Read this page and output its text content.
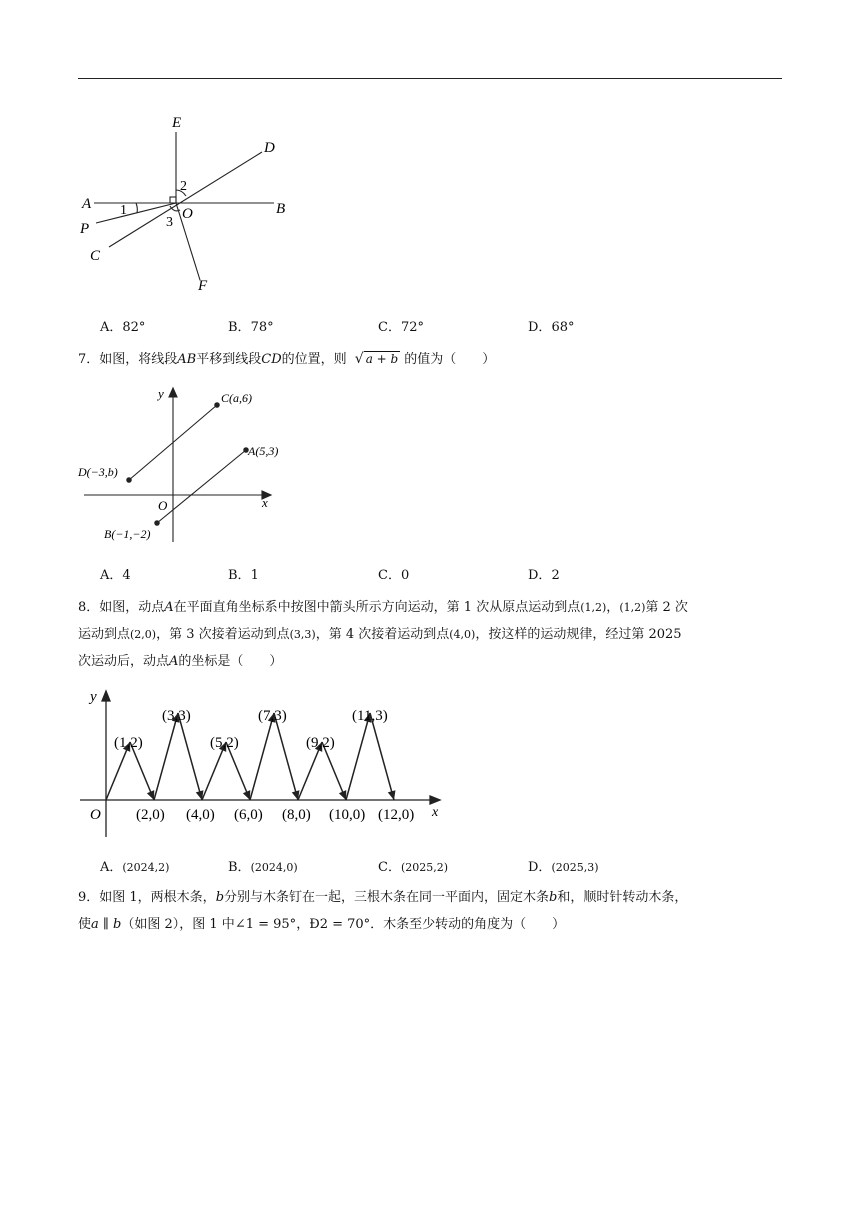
E
D
A	B
P
C
F
O
1
2
3
A．82°	B．78°	C．72°	D．68°
7．如图，将线段AB平移到线段CD的位置，则 √ a + b 的值为（　　）
y
x
O
C(a,6)
A(5,3)
D(−3,b)
B(−1,−2)
A．4	B．1	C．0	D．2
8．如图，动点A在平面直角坐标系中按图中箭头所示方向运动，第 1 次从原点运动到点(1,2)，(1,2)第 2 次
运动到点(2,0)，第 3 次接着运动到点(3,3)，第 4 次接着运动到点(4,0)，按这样的运动规律，经过第 2025
次运动后，动点A的坐标是（　　）
y
x
O
(1,2)
(3,3)
(5,2)
(7,3)
(9,2)
(11,3)
(2,0) (4,0) (6,0) (8,0) (10,0) (12,0)
A．(2024,2)	B．(2024,0)	C．(2025,2)	D．(2025,3)
9．如图 1，两根木条，b分别与木条钉在一起，三根木条在同一平面内，固定木条b和，顺时针转动木条，
使a ∥ b（如图 2），图 1 中∠1 = 95°，Ð2 = 70°．木条至少转动的角度为（　　）
